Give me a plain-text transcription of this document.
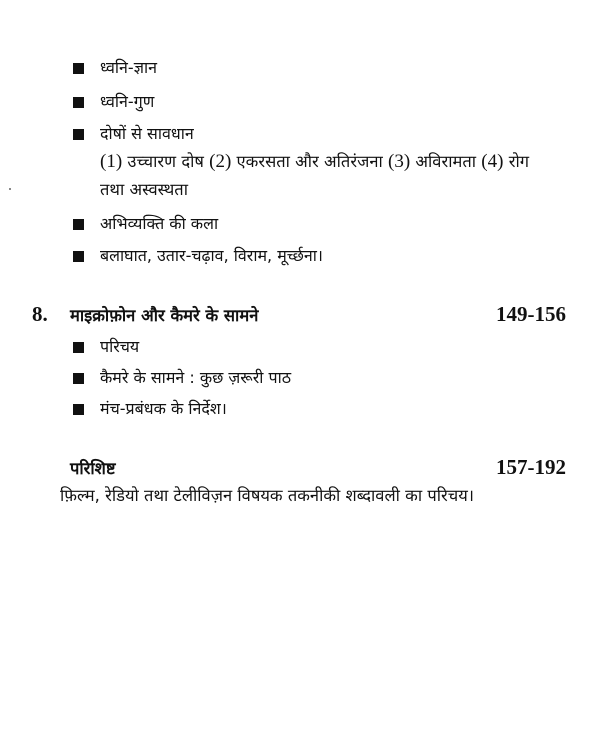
ध्वनि-ज्ञान
ध्वनि-गुण
दोषों से सावधान
(1) उच्चारण दोष (2) एकरसता और अतिरंजना (3) अविरामता (4) रोग
तथा अस्वस्थता
अभिव्यक्ति की कला
बलाघात, उतार-चढ़ाव, विराम, मूर्च्छना।
8.	माइक्रोफ़ोन और कैमरे के सामने	149-156
परिचय
कैमरे के सामने : कुछ ज़रूरी पाठ
मंच-प्रबंधक के निर्देश।
परिशिष्ट	157-192
फ़िल्म, रेडियो तथा टेलीविज़न विषयक तकनीकी शब्दावली का परिचय।
